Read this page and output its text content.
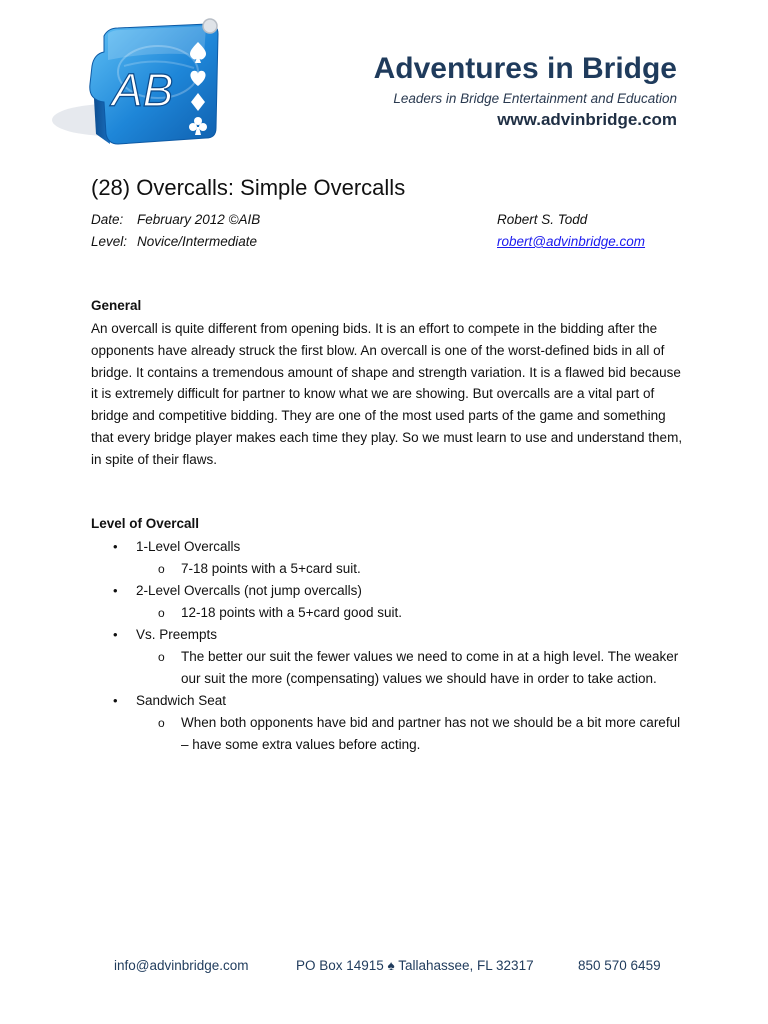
AB	Adventures in Bridge
Leaders in Bridge Entertainment and Education
www.advinbridge.com
(28) Overcalls: Simple Overcalls
Date: February 2012 ©AIB
Level: Novice/Intermediate
Robert S. Todd
robert@advinbridge.com
General

An overcall is quite different from opening bids. It is an effort to compete in the bidding after the opponents have already struck the first blow. An overcall is one of the worst-defined bids in all of bridge. It contains a tremendous amount of shape and strength variation. It is a flawed bid because it is extremely difficult for partner to know what we are showing. But overcalls are a vital part of bridge and competitive bidding. They are one of the most used parts of the game and something that every bridge player makes each time they play. So we must learn to use and understand them, in spite of their flaws.

Level of Overcall
• 1-Level Overcalls
o 7-18 points with a 5+card suit.
• 2-Level Overcalls (not jump overcalls)
o 12-18 points with a 5+card good suit.
• Vs. Preempts
o The better our suit the fewer values we need to come in at a high level. The weaker our suit the more (compensating) values we should have in order to take action.
• Sandwich Seat
o When both opponents have bid and partner has not we should be a bit more careful – have some extra values before acting.
info@advinbridge.com	PO Box 14915 ♠ Tallahassee, FL 32317	850 570 6459
